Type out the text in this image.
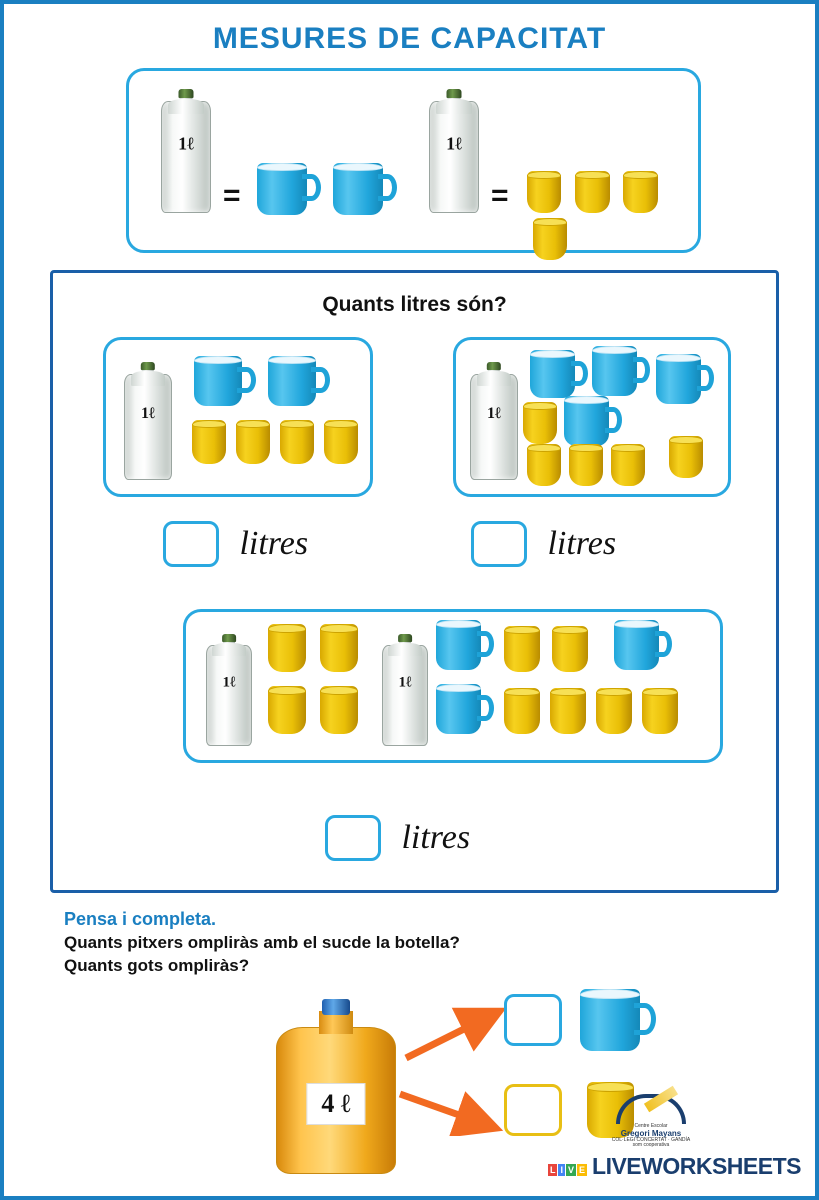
MESURES DE CAPACITAT
1ℓ
=

1ℓ
=

Quants litres són?
1ℓ
litres
1ℓ
litres
1ℓ	1ℓ
litres
Pensa i completa.
Quants pitxers ompliràs amb el sucde la botella?
Quants gots ompliràs?
4 ℓ

Centre Escolar
Gregori Mayans
COL·LEGI CONCERTAT · GANDÍA
som cooperativa
L I V E LIVEWORKSHEETS
